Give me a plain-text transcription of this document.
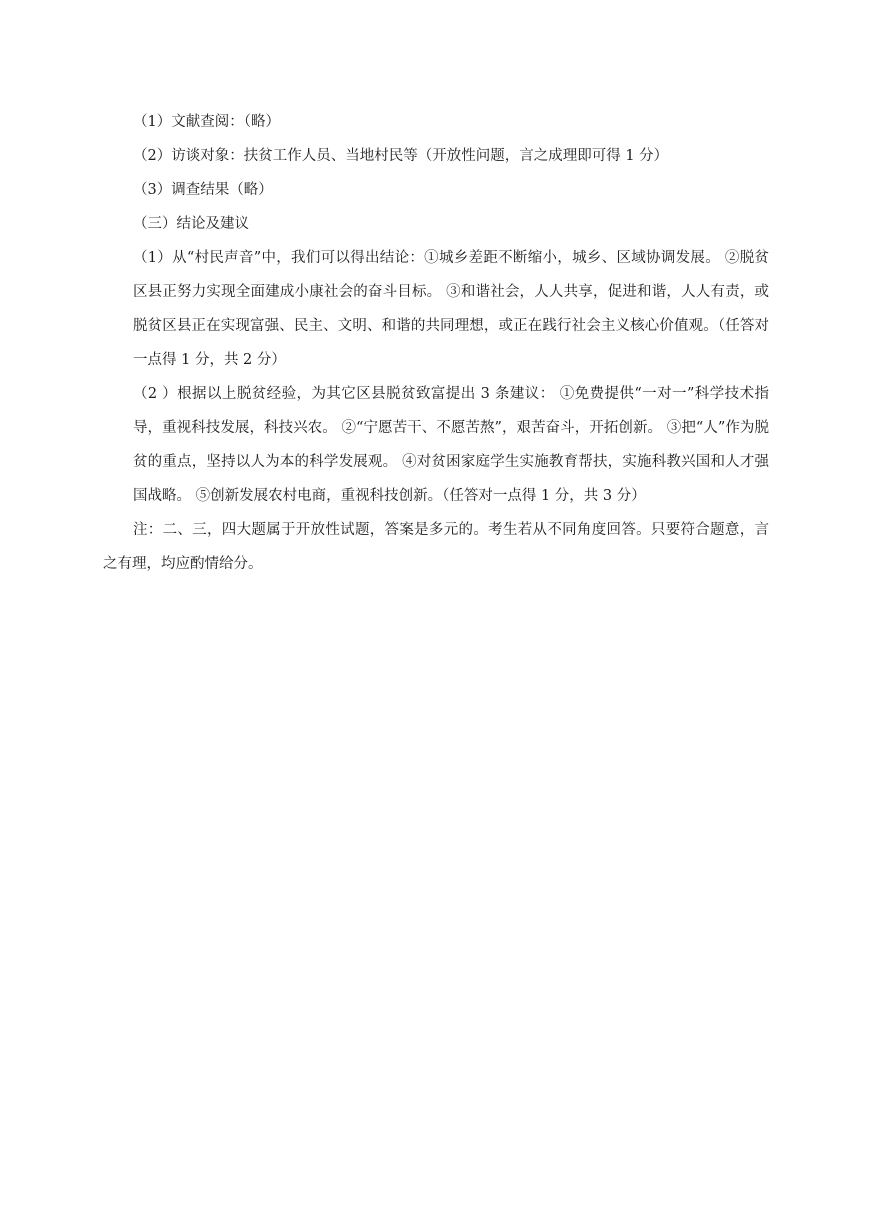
（1）文献查阅：（略）
（2）访谈对象：扶贫工作人员、当地村民等（开放性问题，言之成理即可得 1 分）
（3）调查结果（略）
（三）结论及建议

（1）从“村民声音”中，我们可以得出结论：①城乡差距不断缩小，城乡、区域协调发展。 ②脱贫区县正努力实现全面建成小康社会的奋斗目标。 ③和谐社会，人人共享，促进和谐，人人有责，或脱贫区县正在实现富强、民主、文明、和谐的共同理想，或正在践行社会主义核心价值观。（任答对一点得 1 分，共 2 分）

（2 ）根据以上脱贫经验，为其它区县脱贫致富提出 3 条建议： ①免费提供“一对一”科学技术指导，重视科技发展，科技兴农。 ②“宁愿苦干、不愿苦熬”，艰苦奋斗，开拓创新。 ③把“人”作为脱贫的重点，坚持以人为本的科学发展观。 ④对贫困家庭学生实施教育帮扶，实施科教兴国和人才强国战略。 ⑤创新发展农村电商，重视科技创新。（任答对一点得 1 分，共 3 分）

注：二、三，四大题属于开放性试题，答案是多元的。考生若从不同角度回答。只要符合题意，言之有理，均应酌情给分。
